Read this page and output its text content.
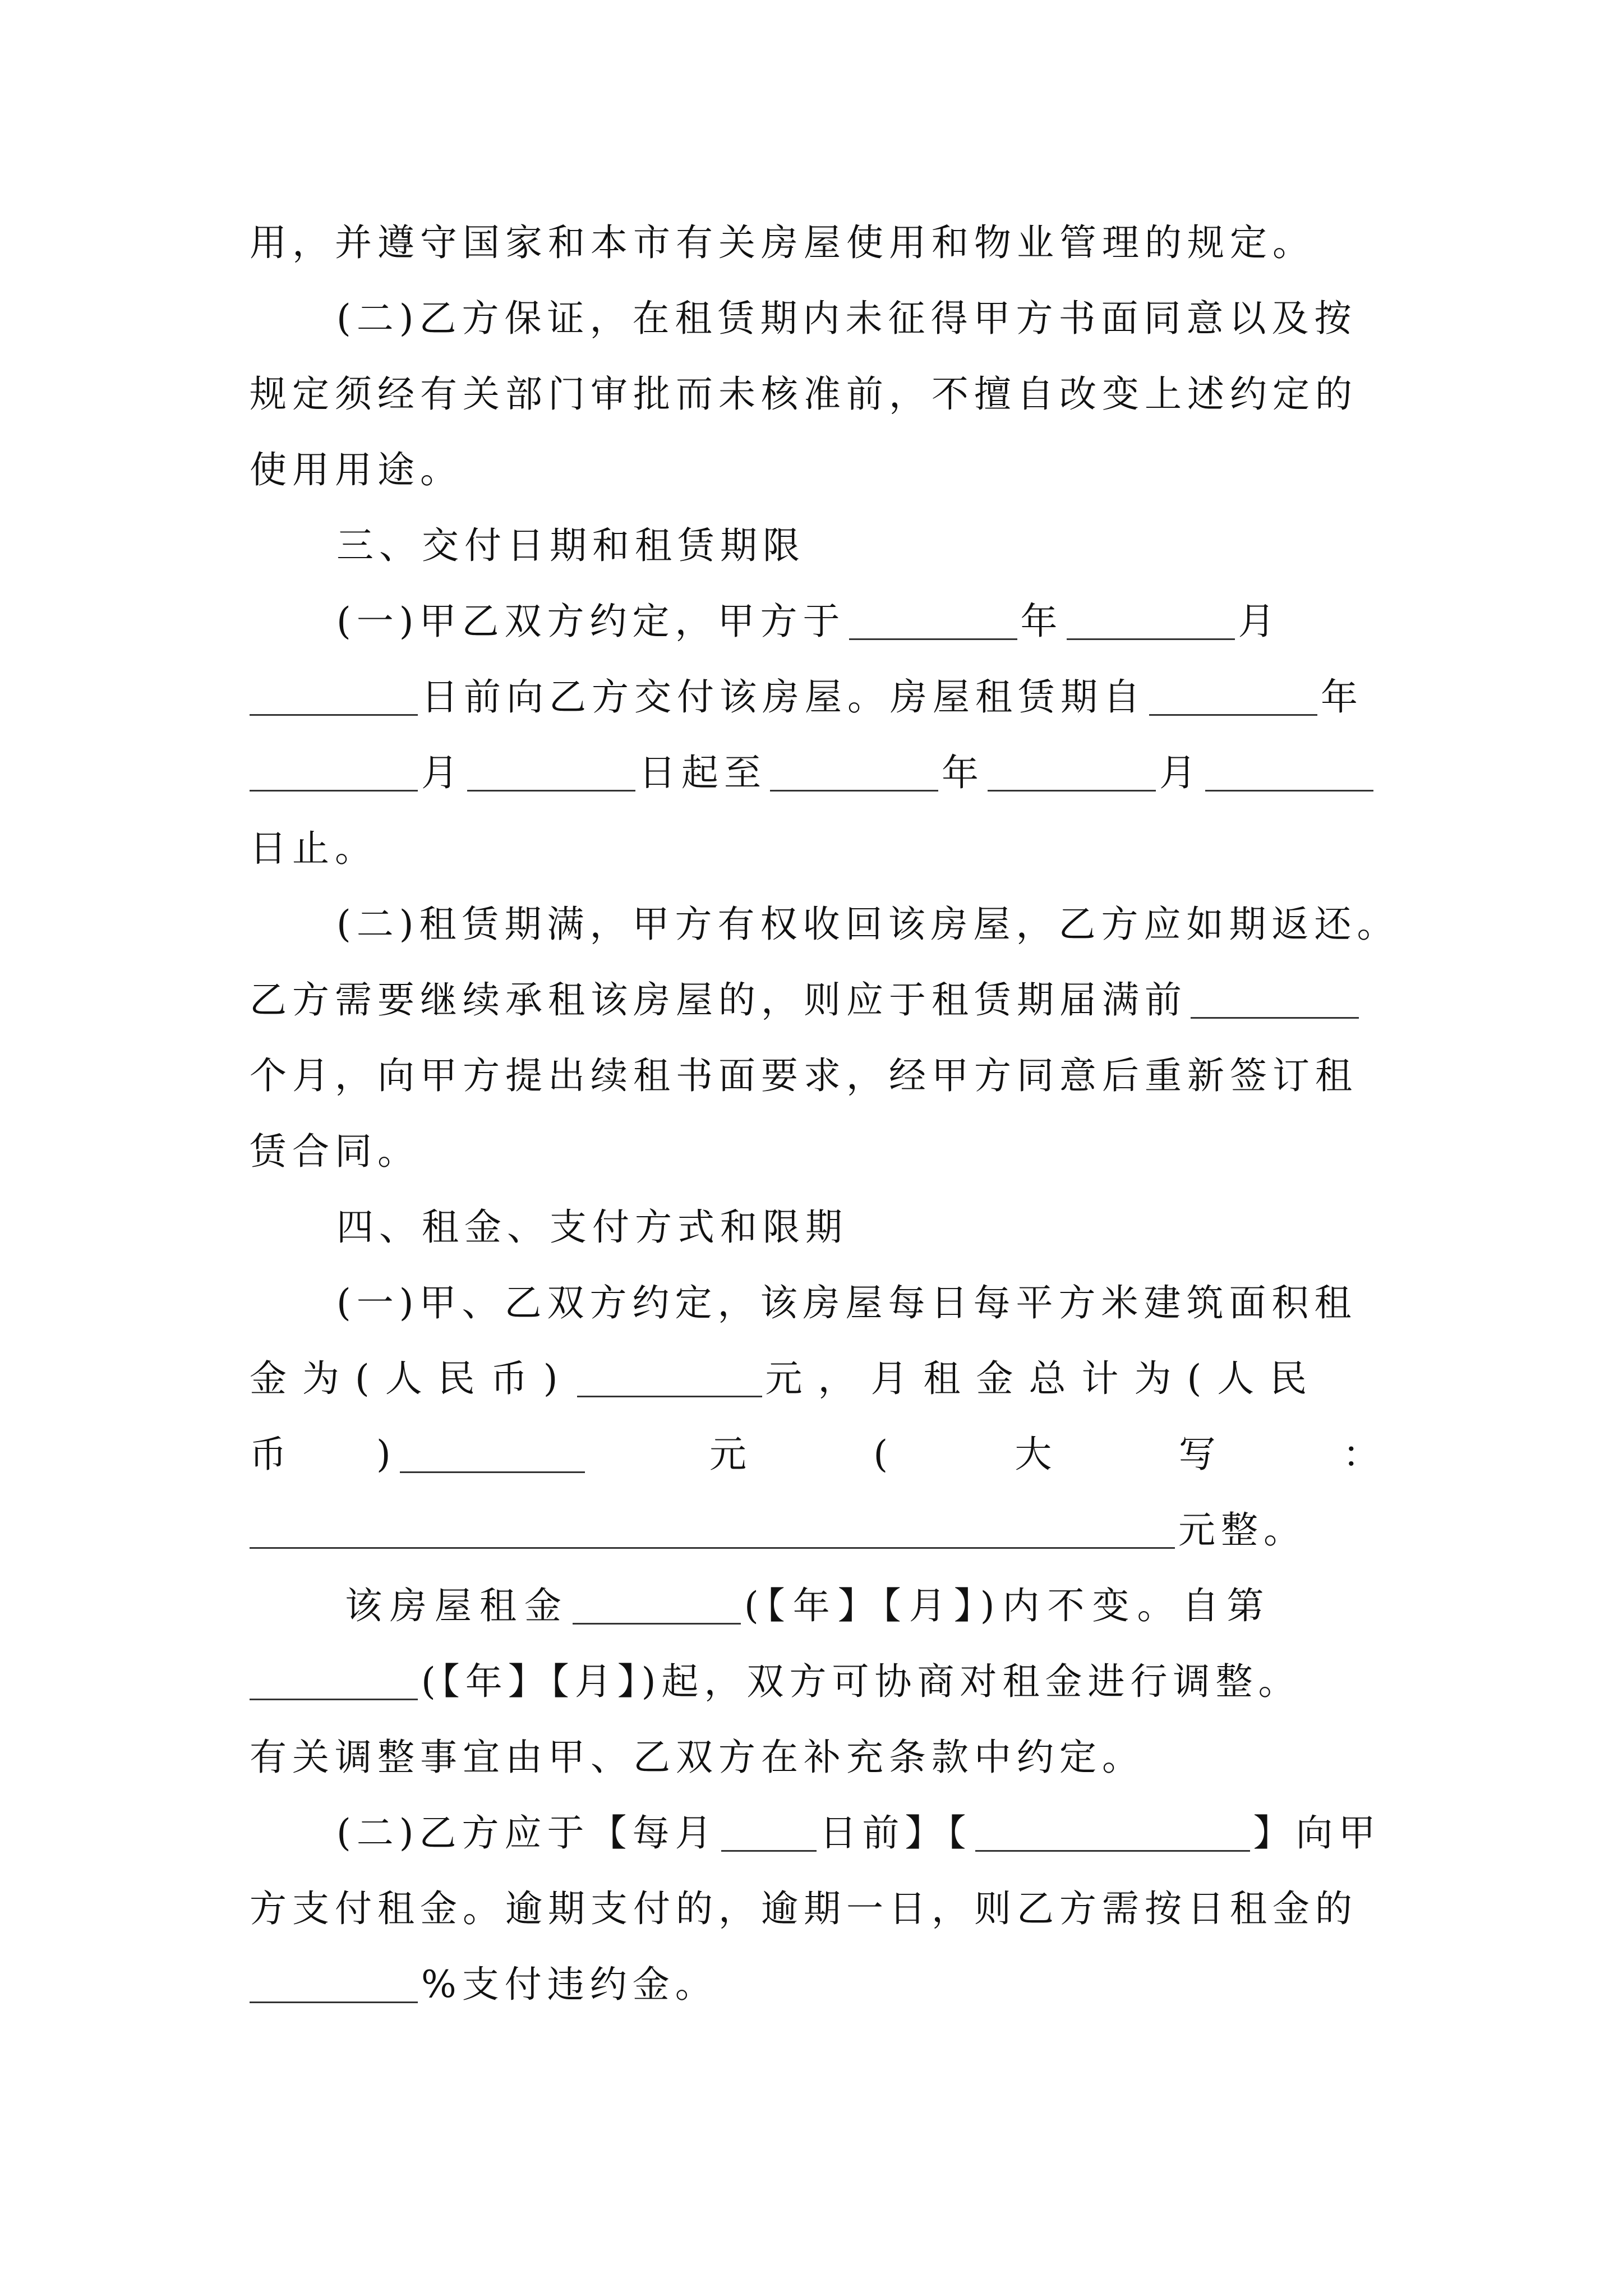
用，并遵守国家和本市有关房屋使用和物业管理的规定。
(二)乙方保证，在租赁期内未征得甲方书面同意以及按
规定须经有关部门审批而未核准前，不擅自改变上述约定的
使用用途。
三、交付日期和租赁期限
(一)甲乙双方约定，甲方于	年	月
日前向乙方交付该房屋。房屋租赁期自	年
月	日起至	年	月
日止。
(二)租赁期满，甲方有权收回该房屋，乙方应如期返还。
乙方需要继续承租该房屋的，则应于租赁期届满前
个月，向甲方提出续租书面要求，经甲方同意后重新签订租
赁合同。
四、租金、支付方式和限期
(一)甲、乙双方约定，该房屋每日每平方米建筑面积租
金为(人民币)	元，月租金总计为(人民
币 )	元	(	大	写	：
元整。
该房屋租金	(【年】【月】)内不变。自第
(【年】【月】)起，双方可协商对租金进行调整。
有关调整事宜由甲、乙双方在补充条款中约定。
(二)乙方应于【每月	日前】【	】向甲
方支付租金。逾期支付的，逾期一日，则乙方需按日租金的
%支付违约金。
